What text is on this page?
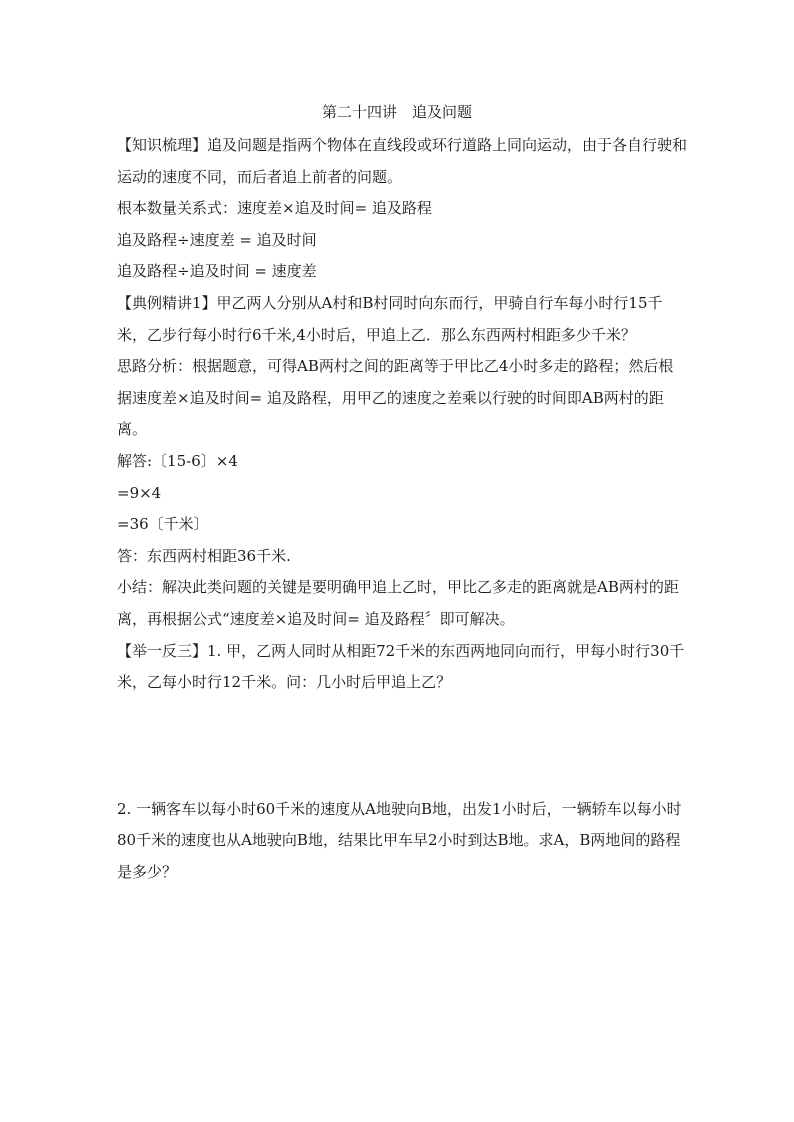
第二十四讲　追及问题

【知识梳理】追及问题是指两个物体在直线段或环行道路上同向运动，由于各自行驶和运动的速度不同，而后者追上前者的问题。

根本数量关系式：速度差×追及时间= 追及路程

追及路程÷速度差 = 追及时间

追及路程÷追及时间 = 速度差

【典例精讲1】甲乙两人分别从A村和B村同时向东而行，甲骑自行车每小时行15千米，乙步行每小时行6千米,4小时后，甲追上乙．那么东西两村相距多少千米？

思路分析：根据题意，可得AB两村之间的距离等于甲比乙4小时多走的路程；然后根据速度差×追及时间= 追及路程，用甲乙的速度之差乘以行驶的时间即AB两村的距离。

解答:〔15-6〕×4

=9×4

=36〔千米〕

答：东西两村相距36千米.

小结：解决此类问题的关键是要明确甲追上乙时，甲比乙多走的距离就是AB两村的距离，再根据公式“速度差×追及时间= 追及路程〞即可解决。

【举一反三】1. 甲，乙两人同时从相距72千米的东西两地同向而行，甲每小时行30千米，乙每小时行12千米。问：几小时后甲追上乙？

2. 一辆客车以每小时60千米的速度从A地驶向B地，出发1小时后，一辆轿车以每小时80千米的速度也从A地驶向B地，结果比甲车早2小时到达B地。求A，B两地间的路程是多少？
